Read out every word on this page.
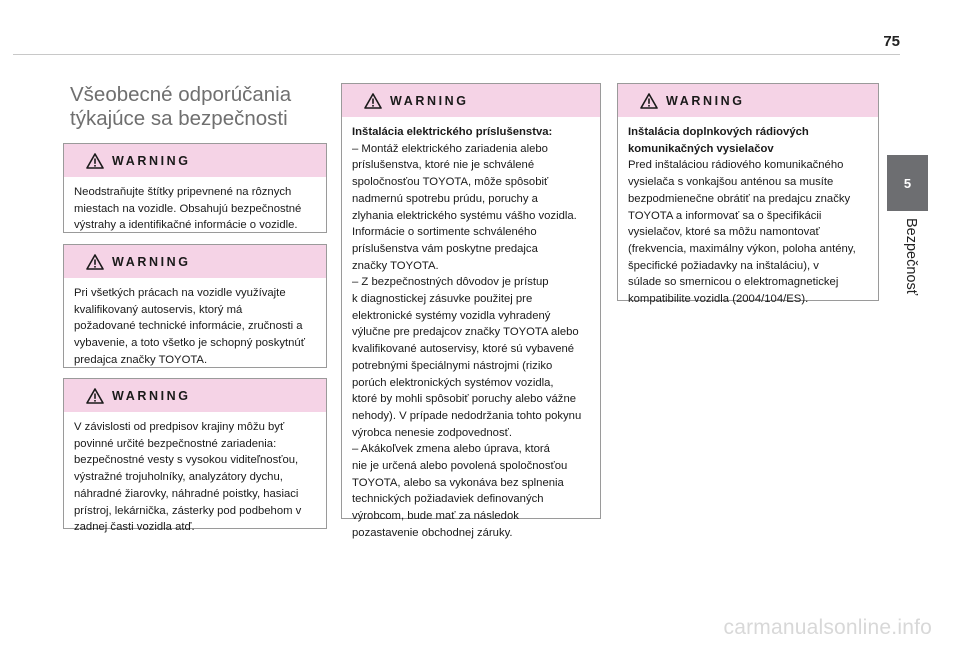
75
5
Bezpečnosť
Všeobecné odporúčania
týkajúce sa bezpečnosti
WARNING

Neodstraňujte štítky pripevnené na rôznych

miestach na vozidle. Obsahujú bezpečnostné

výstrahy a identifikačné informácie o vozidle.

WARNING

Pri všetkých prácach na vozidle využívajte

kvalifikovaný autoservis, ktorý má

požadované technické informácie, zručnosti a

vybavenie, a toto všetko je schopný poskytnúť

predajca značky TOYOTA.

WARNING

V závislosti od predpisov krajiny môžu byť

povinné určité bezpečnostné zariadenia:

bezpečnostné vesty s vysokou viditeľnosťou,

výstražné trojuholníky, analyzátory dychu,

náhradné žiarovky, náhradné poistky, hasiaci

prístroj, lekárnička, zásterky pod podbehom v

zadnej časti vozidla atď.

WARNING

Inštalácia elektrického príslušenstva:

– Montáž elektrického zariadenia alebo

príslušenstva, ktoré nie je schválené

spoločnosťou TOYOTA, môže spôsobiť

nadmernú spotrebu prúdu, poruchy a

zlyhania elektrického systému vášho vozidla.

Informácie o sortimente schváleného

príslušenstva vám poskytne predajca

značky TOYOTA.

– Z bezpečnostných dôvodov je prístup

k diagnostickej zásuvke použitej pre

elektronické systémy vozidla vyhradený

výlučne pre predajcov značky TOYOTA alebo

kvalifikované autoservisy, ktoré sú vybavené

potrebnými špeciálnymi nástrojmi (riziko

porúch elektronických systémov vozidla,

ktoré by mohli spôsobiť poruchy alebo vážne

nehody). V prípade nedodržania tohto pokynu

výrobca nenesie zodpovednosť.

– Akákoľvek zmena alebo úprava, ktorá

nie je určená alebo povolená spoločnosťou

TOYOTA, alebo sa vykonáva bez splnenia

technických požiadaviek definovaných

výrobcom, bude mať za následok

pozastavenie obchodnej záruky.

WARNING

Inštalácia doplnkových rádiových

komunikačných vysielačov

Pred inštaláciou rádiového komunikačného

vysielača s vonkajšou anténou sa musíte

bezpodmienečne obrátiť na predajcu značky

TOYOTA a informovať sa o špecifikácii

vysielačov, ktoré sa môžu namontovať

(frekvencia, maximálny výkon, poloha antény,

špecifické požiadavky na inštaláciu), v

súlade so smernicou o elektromagnetickej

kompatibilite vozidla (2004/104/ES).

carmanualsonline.info
